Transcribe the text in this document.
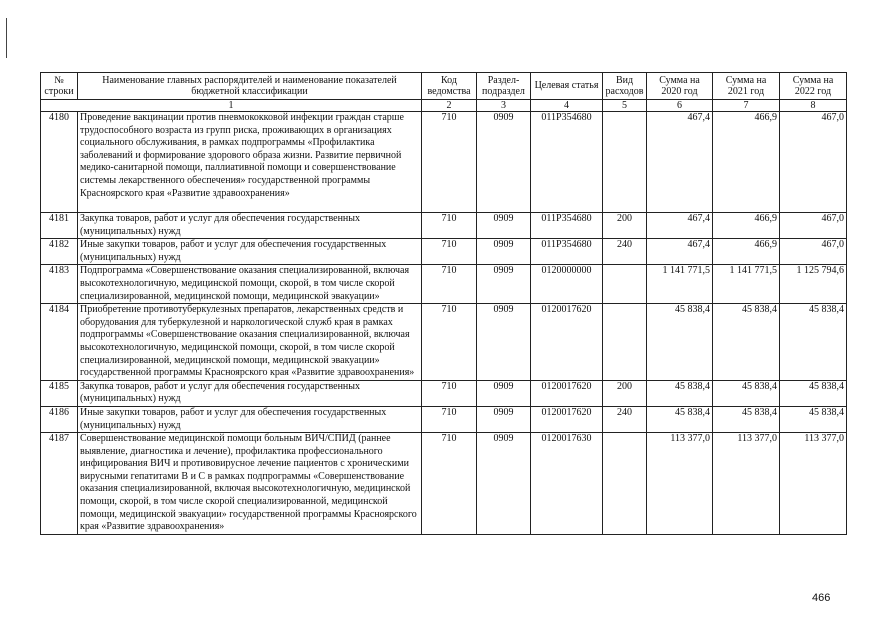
№ строки	Наименование главных распорядителей и наименование показателей бюджетной классификации	Код ведомства	Раздел- подраздел	Целевая статья	Вид расходов	Сумма на 2020 год	Сумма на 2021 год	Сумма на 2022 год
1		2	3	4	5	6	7	8
4180	Проведение вакцинации против пневмококковой инфекции граждан старше трудоспособного возраста из групп риска, проживающих в организациях социального обслуживания, в рамках подпрограммы «Профилактика заболеваний и формирование здорового образа жизни. Развитие первичной медико-санитарной помощи, паллиативной помощи и совершенствование системы лекарственного обеспечения» государственной программы Красноярского края «Развитие здравоохранения»	710	0909	011P354680		467,4	466,9	467,0
4181	Закупка товаров, работ и услуг для обеспечения государственных (муниципальных) нужд	710	0909	011P354680	200	467,4	466,9	467,0
4182	Иные закупки товаров, работ и услуг для обеспечения государственных (муниципальных) нужд	710	0909	011P354680	240	467,4	466,9	467,0
4183	Подпрограмма «Совершенствование оказания специализированной, включая высокотехнологичную, медицинской помощи, скорой, в том числе скорой специализированной, медицинской помощи, медицинской эвакуации»	710	0909	0120000000		1 141 771,5	1 141 771,5	1 125 794,6
4184	Приобретение противотуберкулезных препаратов, лекарственных средств и оборудования для туберкулезной и наркологической служб края в рамках подпрограммы «Совершенствование оказания специализированной, включая высокотехнологичную, медицинской помощи, скорой, в том числе скорой специализированной, медицинской помощи, медицинской эвакуации» государственной программы Красноярского края «Развитие здравоохранения»	710	0909	0120017620		45 838,4	45 838,4	45 838,4
4185	Закупка товаров, работ и услуг для обеспечения государственных (муниципальных) нужд	710	0909	0120017620	200	45 838,4	45 838,4	45 838,4
4186	Иные закупки товаров, работ и услуг для обеспечения государственных (муниципальных) нужд	710	0909	0120017620	240	45 838,4	45 838,4	45 838,4
4187	Совершенствование медицинской помощи больным ВИЧ/СПИД (раннее выявление, диагностика и лечение), профилактика профессионального инфицирования ВИЧ и противовирусное лечение пациентов с хроническими вирусными гепатитами В и С в рамках подпрограммы «Совершенствование оказания специализированной, включая высокотехнологичную, медицинской помощи, скорой, в том числе скорой специализированной, медицинской помощи, медицинской эвакуации» государственной программы Красноярского края «Развитие здравоохранения»	710	0909	0120017630		113 377,0	113 377,0	113 377,0
466
